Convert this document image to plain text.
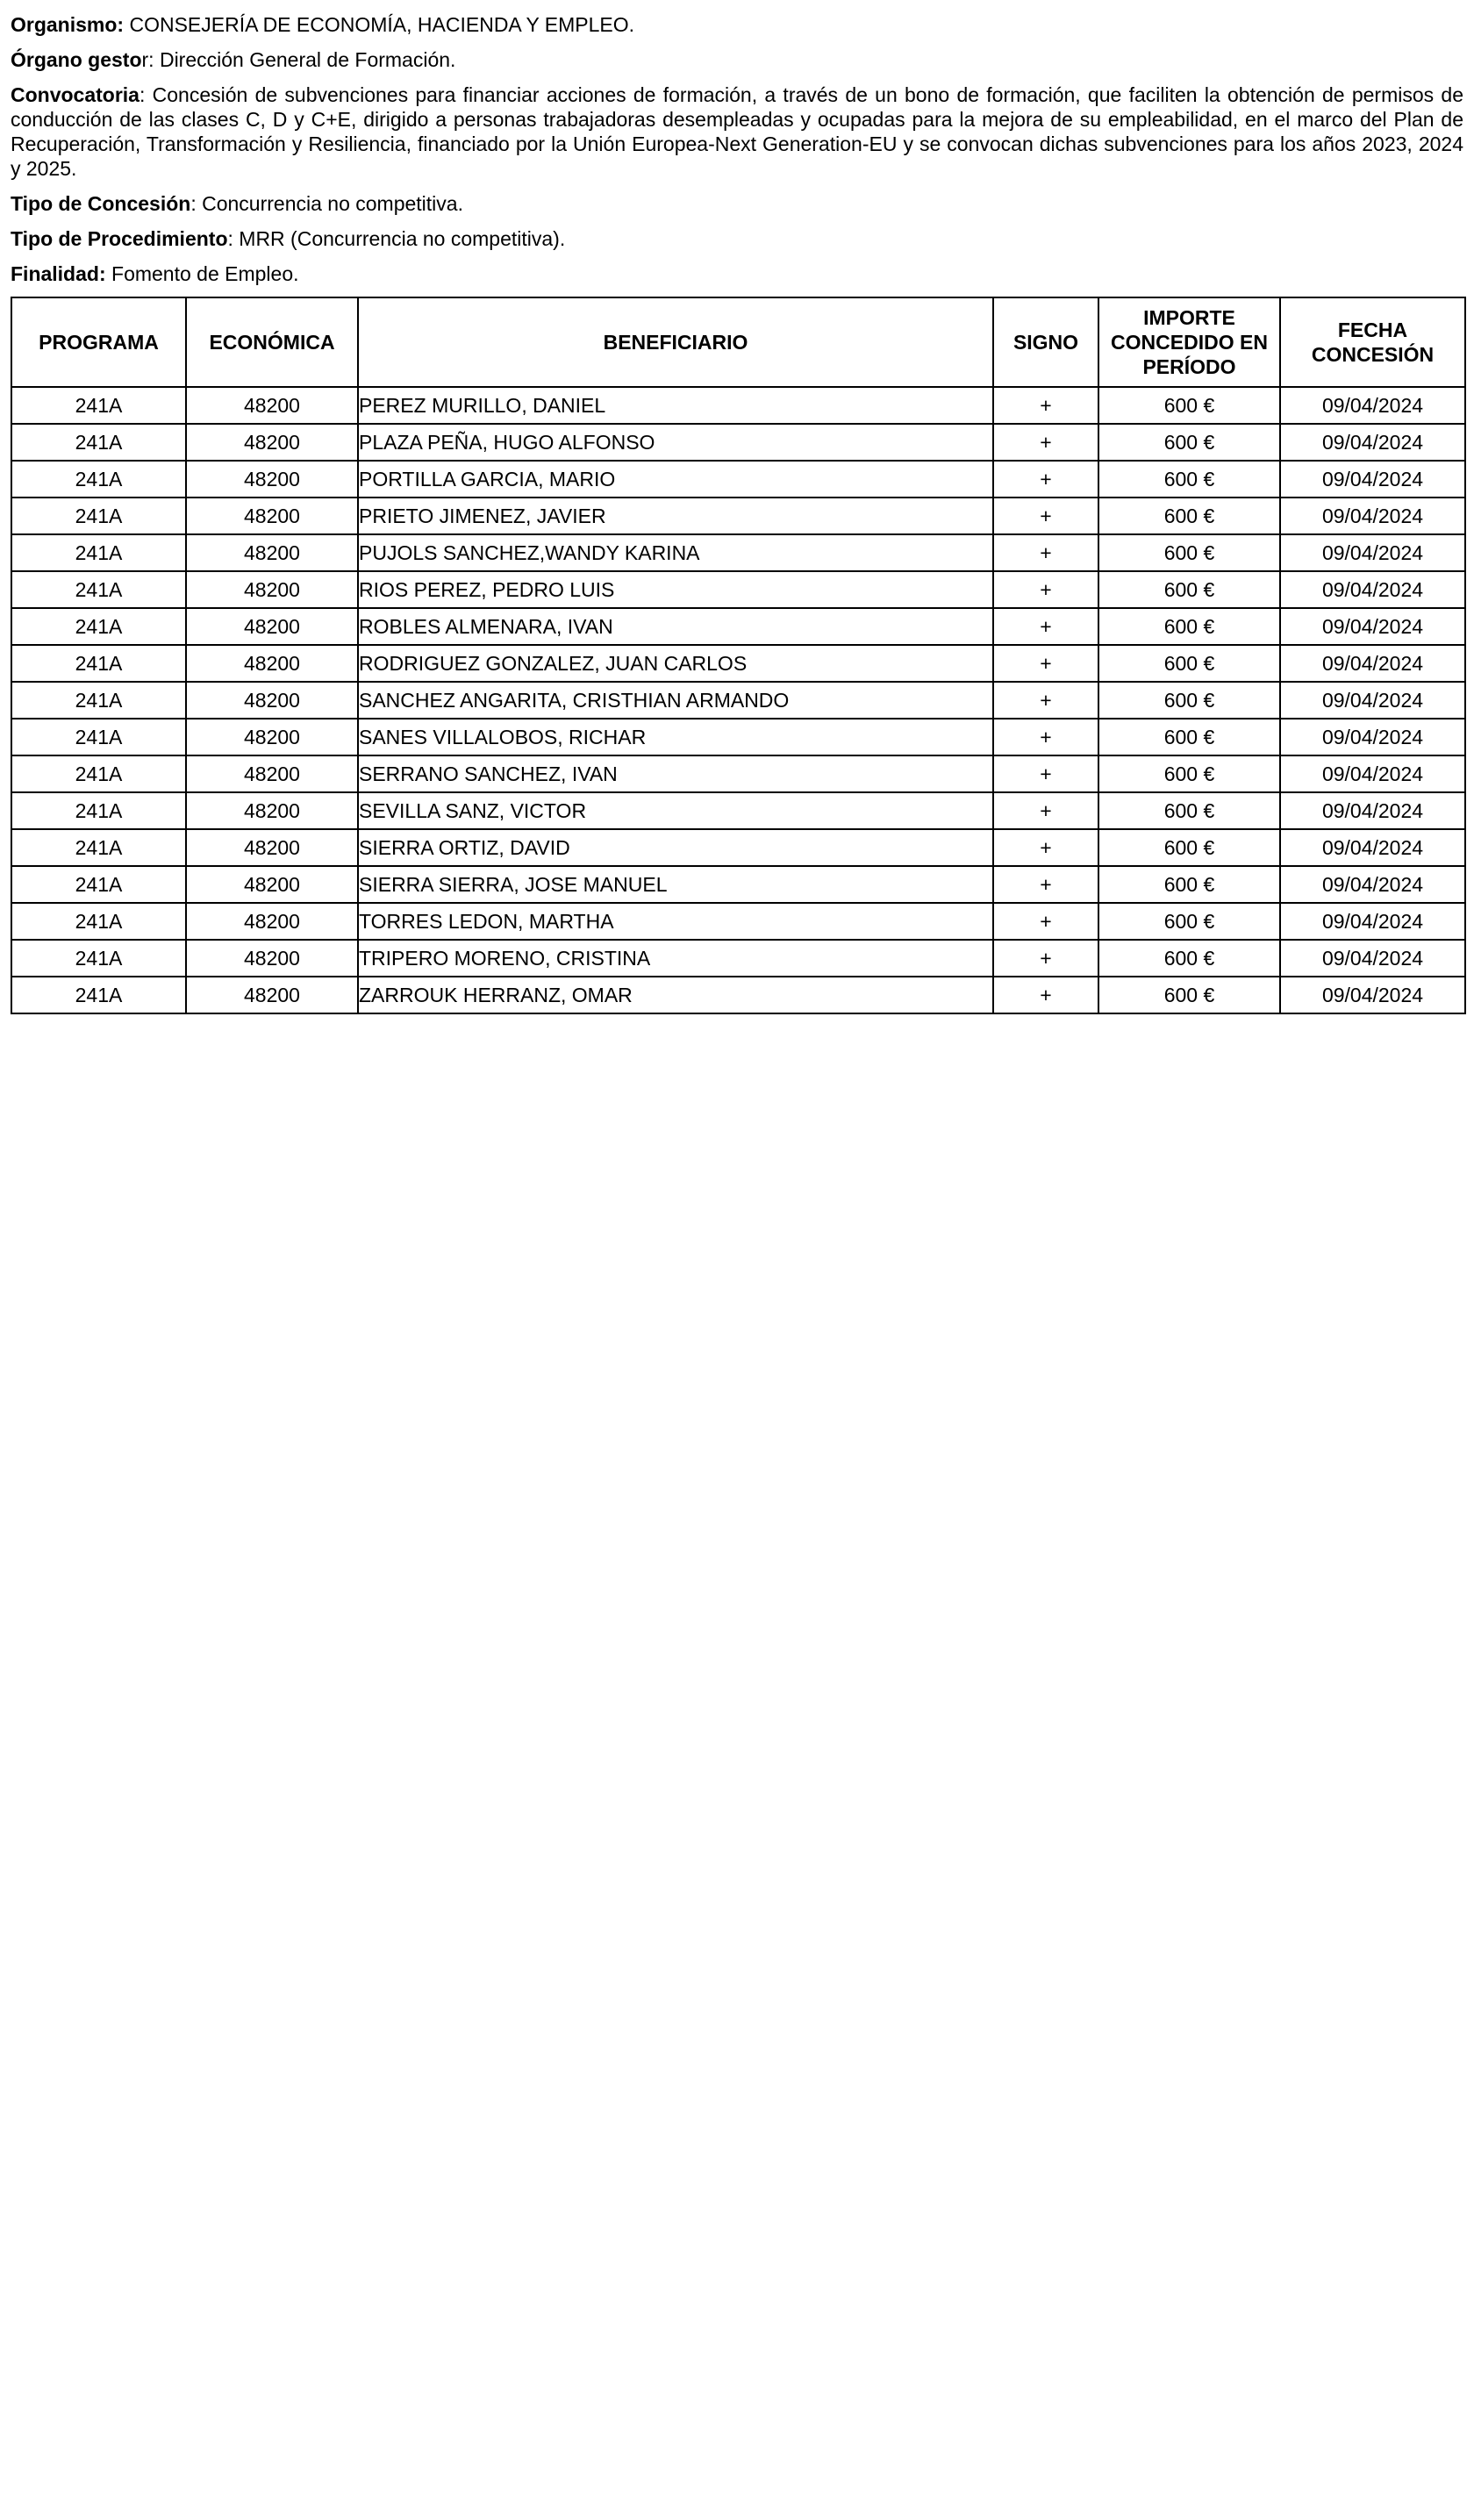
Organismo: CONSEJERÍA DE ECONOMÍA, HACIENDA Y EMPLEO.

Órgano gestor: Dirección General de Formación.

Convocatoria: Concesión de subvenciones para financiar acciones de formación, a través de un bono de formación, que faciliten la obtención de permisos de conducción de las clases C, D y C+E, dirigido a personas trabajadoras desempleadas y ocupadas para la mejora de su empleabilidad, en el marco del Plan de Recuperación, Transformación y Resiliencia, financiado por la Unión Europea-Next Generation-EU y se convocan dichas subvenciones para los años 2023, 2024 y 2025.

Tipo de Concesión: Concurrencia no competitiva.

Tipo de Procedimiento: MRR (Concurrencia no competitiva).

Finalidad: Fomento de Empleo.

PROGRAMA	ECONÓMICA	BENEFICIARIO	SIGNO	IMPORTE CONCEDIDO EN PERÍODO	FECHA CONCESIÓN
241A	48200	PEREZ MURILLO, DANIEL	+	600 €	09/04/2024
241A	48200	PLAZA PEÑA, HUGO ALFONSO	+	600 €	09/04/2024
241A	48200	PORTILLA GARCIA, MARIO	+	600 €	09/04/2024
241A	48200	PRIETO JIMENEZ, JAVIER	+	600 €	09/04/2024
241A	48200	PUJOLS SANCHEZ,WANDY KARINA	+	600 €	09/04/2024
241A	48200	RIOS PEREZ, PEDRO LUIS	+	600 €	09/04/2024
241A	48200	ROBLES ALMENARA, IVAN	+	600 €	09/04/2024
241A	48200	RODRIGUEZ GONZALEZ, JUAN CARLOS	+	600 €	09/04/2024
241A	48200	SANCHEZ ANGARITA, CRISTHIAN ARMANDO	+	600 €	09/04/2024
241A	48200	SANES VILLALOBOS, RICHAR	+	600 €	09/04/2024
241A	48200	SERRANO SANCHEZ, IVAN	+	600 €	09/04/2024
241A	48200	SEVILLA SANZ, VICTOR	+	600 €	09/04/2024
241A	48200	SIERRA ORTIZ, DAVID	+	600 €	09/04/2024
241A	48200	SIERRA SIERRA, JOSE MANUEL	+	600 €	09/04/2024
241A	48200	TORRES LEDON, MARTHA	+	600 €	09/04/2024
241A	48200	TRIPERO MORENO, CRISTINA	+	600 €	09/04/2024
241A	48200	ZARROUK HERRANZ, OMAR	+	600 €	09/04/2024
